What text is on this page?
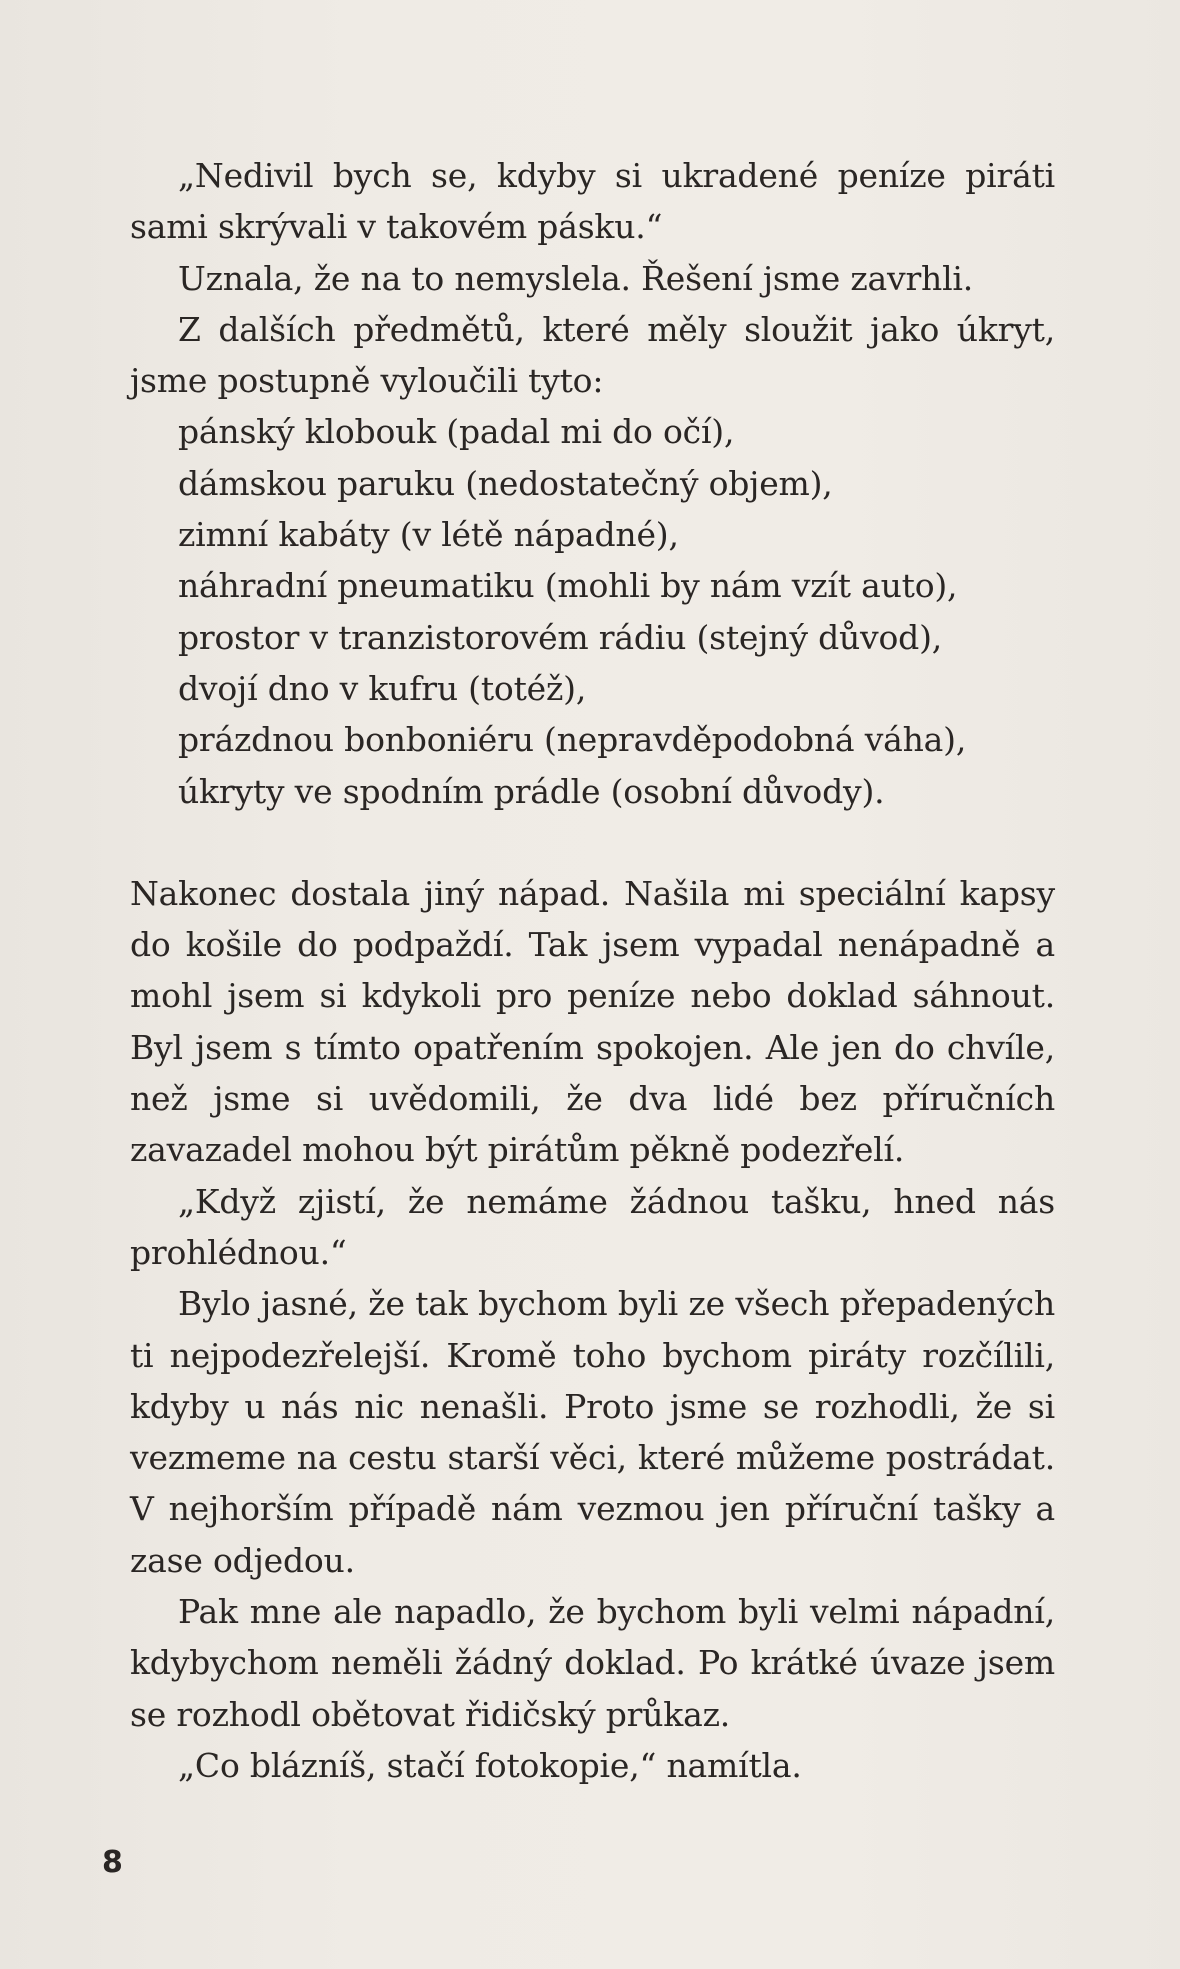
„Nedivil bych se, kdyby si ukradené peníze piráti sami skrývali v takovém pásku.“

Uznala, že na to nemyslela. Řešení jsme zavrhli.

Z dalších předmětů, které měly sloužit jako úkryt, jsme postupně vyloučili tyto:

pánský klobouk (padal mi do očí),
dámskou paruku (nedostatečný objem),
zimní kabáty (v létě nápadné),
náhradní pneumatiku (mohli by nám vzít auto),
prostor v tranzistorovém rádiu (stejný důvod),
dvojí dno v kufru (totéž),
prázdnou bonboniéru (nepravděpodobná váha),
úkryty ve spodním prádle (osobní důvody).

Nakonec dostala jiný nápad. Našila mi speciální kapsy do košile do podpaždí. Tak jsem vypadal nenápadně a mohl jsem si kdykoli pro peníze nebo doklad sáhnout. Byl jsem s tímto opatřením spokojen. Ale jen do chvíle, než jsme si uvědomili, že dva lidé bez příručních zavazadel mohou být pirátům pěkně podezřelí.

„Když zjistí, že nemáme žádnou tašku, hned nás prohlédnou.“

Bylo jasné, že tak bychom byli ze všech přepadených ti nejpodezřelejší. Kromě toho bychom piráty rozčílili, kdyby u nás nic nenašli. Proto jsme se rozhodli, že si vezmeme na cestu starší věci, které můžeme postrádat. V nejhorším případě nám vezmou jen příruční tašky a zase odjedou.

Pak mne ale napadlo, že bychom byli velmi nápadní, kdybychom neměli žádný doklad. Po krátké úvaze jsem se rozhodl obětovat řidičský průkaz.

„Co blázníš, stačí fotokopie,“ namítla.

8
